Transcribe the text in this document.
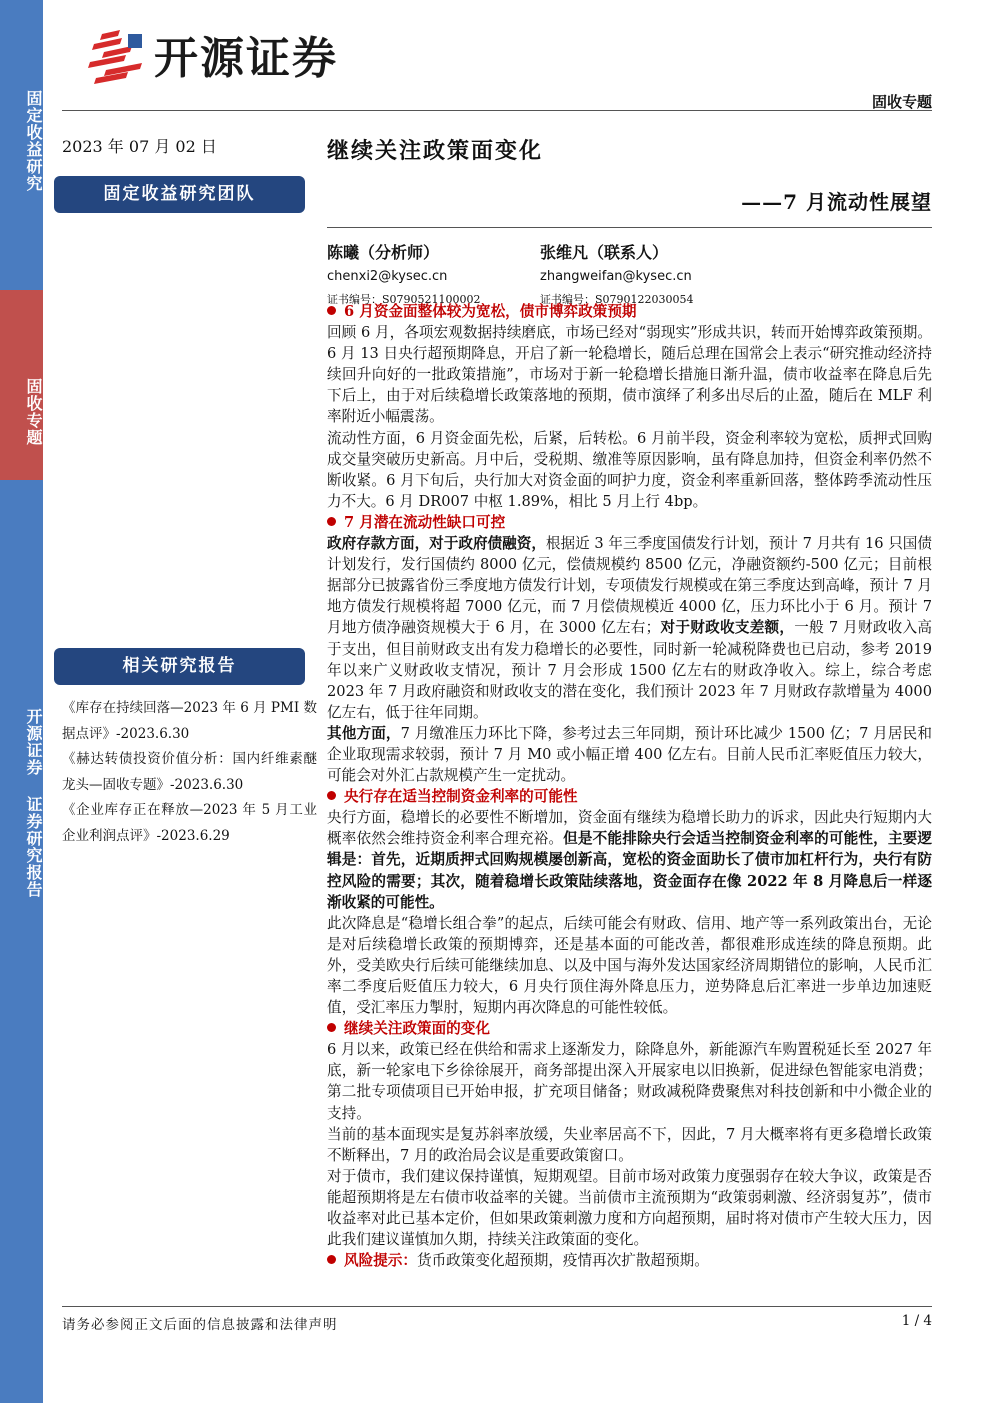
固定收益研究
固收专题
开源证券 证券研究报告
开源证券
固收专题
2023 年 07 月 02 日	继续关注政策面变化
——7 月流动性展望
固定收益研究团队
陈曦（分析师）
chenxi2@kysec.cn
证书编号：S0790521100002
张维凡（联系人）
zhangweifan@kysec.cn
证书编号：S0790122030054
相关研究报告
《库存在持续回落—2023 年 6 月 PMI 数据点评》-2023.6.30
《赫达转债投资价值分析：国内纤维素醚龙头—固收专题》-2023.6.30
《企业库存正在释放—2023 年 5 月工业企业利润点评》-2023.6.29

6 月资金面整体较为宽松，债市博弈政策预期

回顾 6 月，各项宏观数据持续磨底，市场已经对“弱现实”形成共识，转而开始博弈政策预期。6 月 13 日央行超预期降息，开启了新一轮稳增长，随后总理在国常会上表示“研究推动经济持续回升向好的一批政策措施”，市场对于新一轮稳增长措施日渐升温，债市收益率在降息后先下后上，由于对后续稳增长政策落地的预期，债市演绎了利多出尽后的止盈，随后在 MLF 利率附近小幅震荡。

流动性方面，6 月资金面先松，后紧，后转松。6 月前半段，资金利率较为宽松，质押式回购成交量突破历史新高。月中后，受税期、缴准等原因影响，虽有降息加持，但资金利率仍然不断收紧。6 月下旬后，央行加大对资金面的呵护力度，资金利率重新回落，整体跨季流动性压力不大。6 月 DR007 中枢 1.89%，相比 5 月上行 4bp。

7 月潜在流动性缺口可控

政府存款方面，对于政府债融资，根据近 3 年三季度国债发行计划，预计 7 月共有 16 只国债计划发行，发行国债约 8000 亿元，偿债规模约 8500 亿元，净融资额约-500 亿元；目前根据部分已披露省份三季度地方债发行计划，专项债发行规模或在第三季度达到高峰，预计 7 月地方债发行规模将超 7000 亿元，而 7 月偿债规模近 4000 亿，压力环比小于 6 月。预计 7 月地方债净融资规模大于 6 月，在 3000 亿左右；对于财政收支差额，一般 7 月财政收入高于支出，但目前财政支出有发力稳增长的必要性，同时新一轮减税降费也已启动，参考 2019 年以来广义财政收支情况，预计 7 月会形成 1500 亿左右的财政净收入。综上，综合考虑 2023 年 7 月政府融资和财政收支的潜在变化，我们预计 2023 年 7 月财政存款增量为 4000 亿左右，低于往年同期。

其他方面，7 月缴准压力环比下降，参考过去三年同期，预计环比减少 1500 亿；7 月居民和企业取现需求较弱，预计 7 月 M0 或小幅正增 400 亿左右。目前人民币汇率贬值压力较大，可能会对外汇占款规模产生一定扰动。

央行存在适当控制资金利率的可能性

央行方面，稳增长的必要性不断增加，资金面有继续为稳增长助力的诉求，因此央行短期内大概率依然会维持资金利率合理充裕。但是不能排除央行会适当控制资金利率的可能性，主要逻辑是：首先，近期质押式回购规模屡创新高，宽松的资金面助长了债市加杠杆行为，央行有防控风险的需要；其次，随着稳增长政策陆续落地，资金面存在像 2022 年 8 月降息后一样逐渐收紧的可能性。

此次降息是“稳增长组合拳”的起点，后续可能会有财政、信用、地产等一系列政策出台，无论是对后续稳增长政策的预期博弈，还是基本面的可能改善，都很难形成连续的降息预期。此外，受美欧央行后续可能继续加息、以及中国与海外发达国家经济周期错位的影响，人民币汇率二季度后贬值压力较大，6 月央行顶住海外降息压力，逆势降息后汇率进一步单边加速贬值，受汇率压力掣肘，短期内再次降息的可能性较低。

继续关注政策面的变化

6 月以来，政策已经在供给和需求上逐渐发力，除降息外，新能源汽车购置税延长至 2027 年底，新一轮家电下乡徐徐展开，商务部提出深入开展家电以旧换新，促进绿色智能家电消费；第二批专项债项目已开始申报，扩充项目储备；财政减税降费聚焦对科技创新和中小微企业的支持。

当前的基本面现实是复苏斜率放缓，失业率居高不下，因此，7 月大概率将有更多稳增长政策不断释出，7 月的政治局会议是重要政策窗口。

对于债市，我们建议保持谨慎，短期观望。目前市场对政策力度强弱存在较大争议，政策是否能超预期将是左右债市收益率的关键。当前债市主流预期为“政策弱刺激、经济弱复苏”，债市收益率对此已基本定价，但如果政策刺激力度和方向超预期，届时将对债市产生较大压力，因此我们建议谨慎加久期，持续关注政策面的变化。

风险提示：货币政策变化超预期，疫情再次扩散超预期。

请务必参阅正文后面的信息披露和法律声明	1 / 4
